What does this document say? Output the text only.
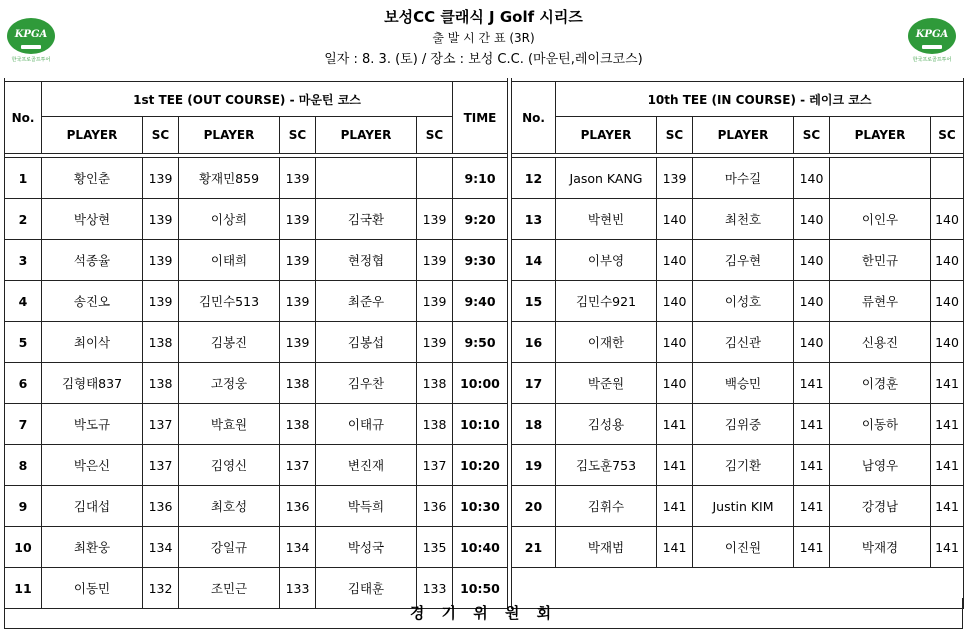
KPGA
한국프로골프투어
보성CC 클래식 J Golf 시리즈
출 발 시 간 표 (3R)
일자 : 8. 3. (토) / 장소 : 보성 C.C. (마운틴,레이크코스)
KPGA
한국프로골프투어

No.	1st TEE (OUT COURSE) - 마운틴 코스						TIME		No.	10th TEE (IN COURSE) - 레이크 코스					
	PLAYER	SC	PLAYER	SC	PLAYER	SC				PLAYER	SC	PLAYER	SC	PLAYER	SC

1	황인춘	139	황재민859	139			9:10		12	Jason KANG	139	마수길	140		
2	박상현	139	이상희	139	김국환	139	9:20		13	박현빈	140	최천호	140	이인우	140
3	석종율	139	이태희	139	현정협	139	9:30		14	이부영	140	김우현	140	한민규	140
4	송진오	139	김민수513	139	최준우	139	9:40		15	김민수921	140	이성호	140	류현우	140
5	최이삭	138	김봉진	139	김봉섭	139	9:50		16	이재한	140	김신관	140	신용진	140
6	김형태837	138	고정웅	138	김우찬	138	10:00		17	박준원	140	백승민	141	이경훈	141
7	박도규	137	박효원	138	이태규	138	10:10		18	김성용	141	김위중	141	이동하	141
8	박은신	137	김영신	137	변진재	137	10:20		19	김도훈753	141	김기환	141	남영우	141
9	김대섭	136	최호성	136	박득희	136	10:30		20	김휘수	141	Justin KIM	141	강경남	141
10	최환웅	134	강일규	134	박성국	135	10:40		21	박재범	141	이진원	141	박재경	141
11	이동민	132	조민근	133	김태훈	133	10:50								
경 기 위 원 회
